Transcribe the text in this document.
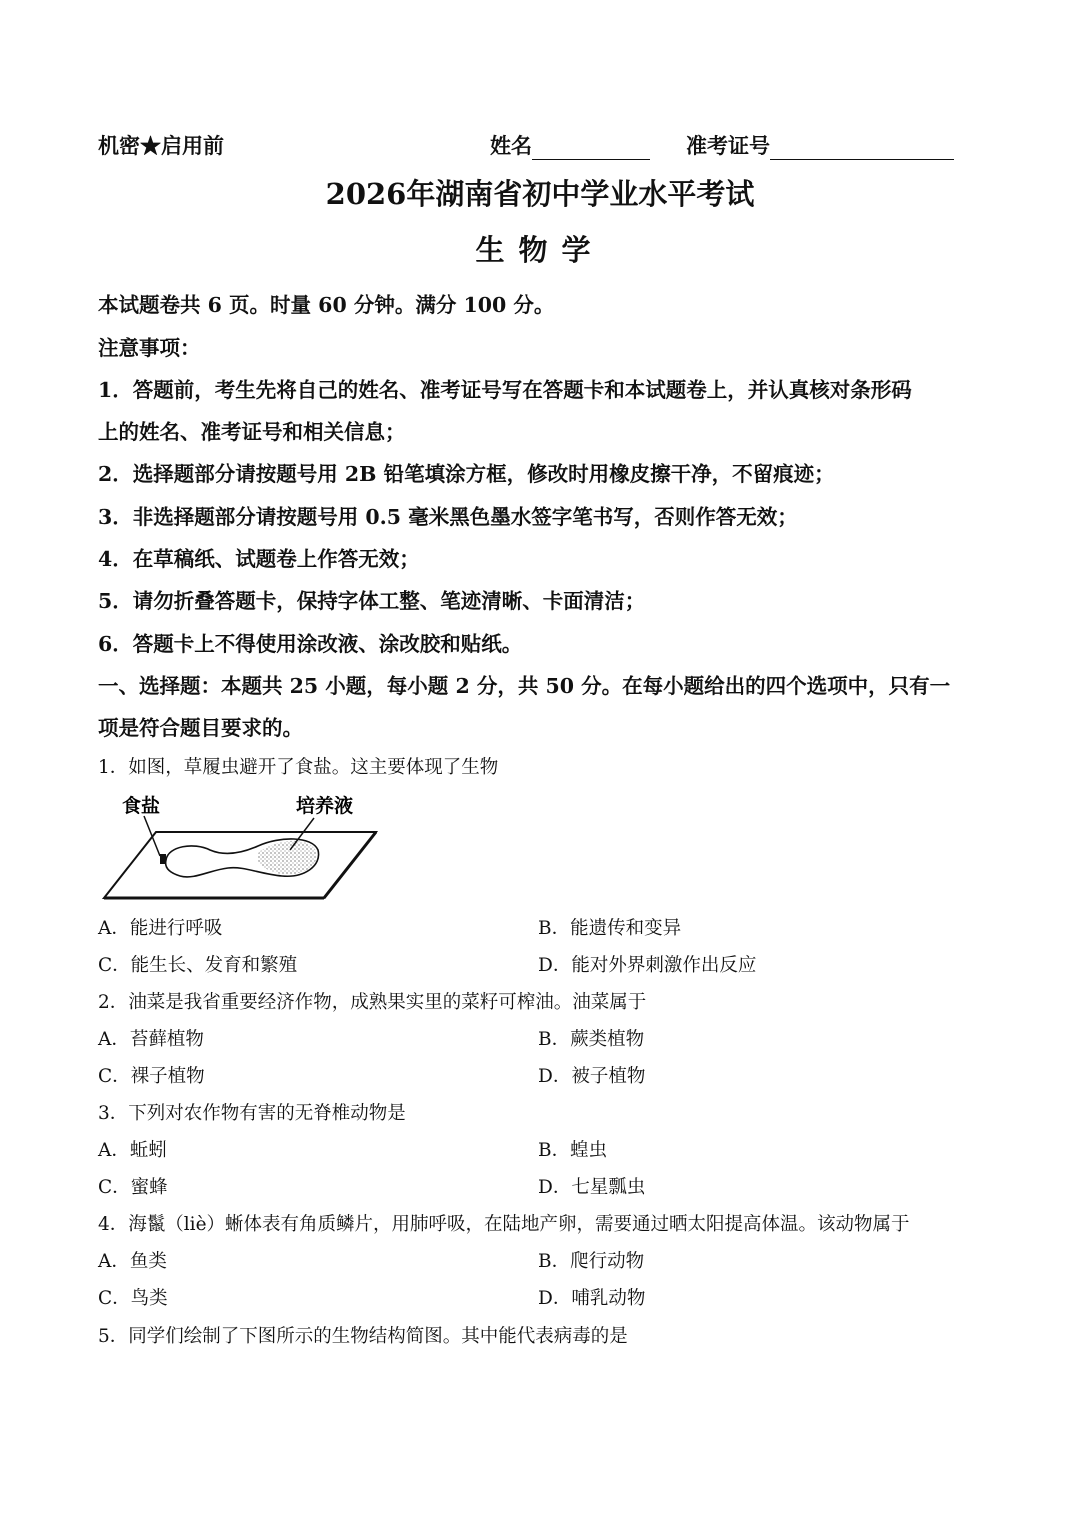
机密★启用前	姓名	准考证号
2026年湖南省初中学业水平考试
生物学
本试题卷共 6 页。时量 60 分钟。满分 100 分。
注意事项：
1．答题前，考生先将自己的姓名、准考证号写在答题卡和本试题卷上，并认真核对条形码
上的姓名、准考证号和相关信息；
2．选择题部分请按题号用 2B 铅笔填涂方框，修改时用橡皮擦干净，不留痕迹；
3．非选择题部分请按题号用 0.5 毫米黑色墨水签字笔书写，否则作答无效；
4．在草稿纸、试题卷上作答无效；
5．请勿折叠答题卡，保持字体工整、笔迹清晰、卡面清洁；
6．答题卡上不得使用涂改液、涂改胶和贴纸。
一、选择题：本题共 25 小题，每小题 2 分，共 50 分。在每小题给出的四个选项中，只有一
项是符合题目要求的。
1．如图，草履虫避开了食盐。这主要体现了生物
食盐	培养液
A．能进行呼吸	B．能遗传和变异
C．能生长、发育和繁殖	D．能对外界刺激作出反应
2．油菜是我省重要经济作物，成熟果实里的菜籽可榨油。油菜属于
A．苔藓植物	B．蕨类植物
C．裸子植物	D．被子植物
3．下列对农作物有害的无脊椎动物是
A．蚯蚓	B．蝗虫
C．蜜蜂	D．七星瓢虫
4．海鬣（liè）蜥体表有角质鳞片，用肺呼吸，在陆地产卵，需要通过晒太阳提高体温。该动物属于
A．鱼类	B．爬行动物
C．鸟类	D．哺乳动物
5．同学们绘制了下图所示的生物结构简图。其中能代表病毒的是
